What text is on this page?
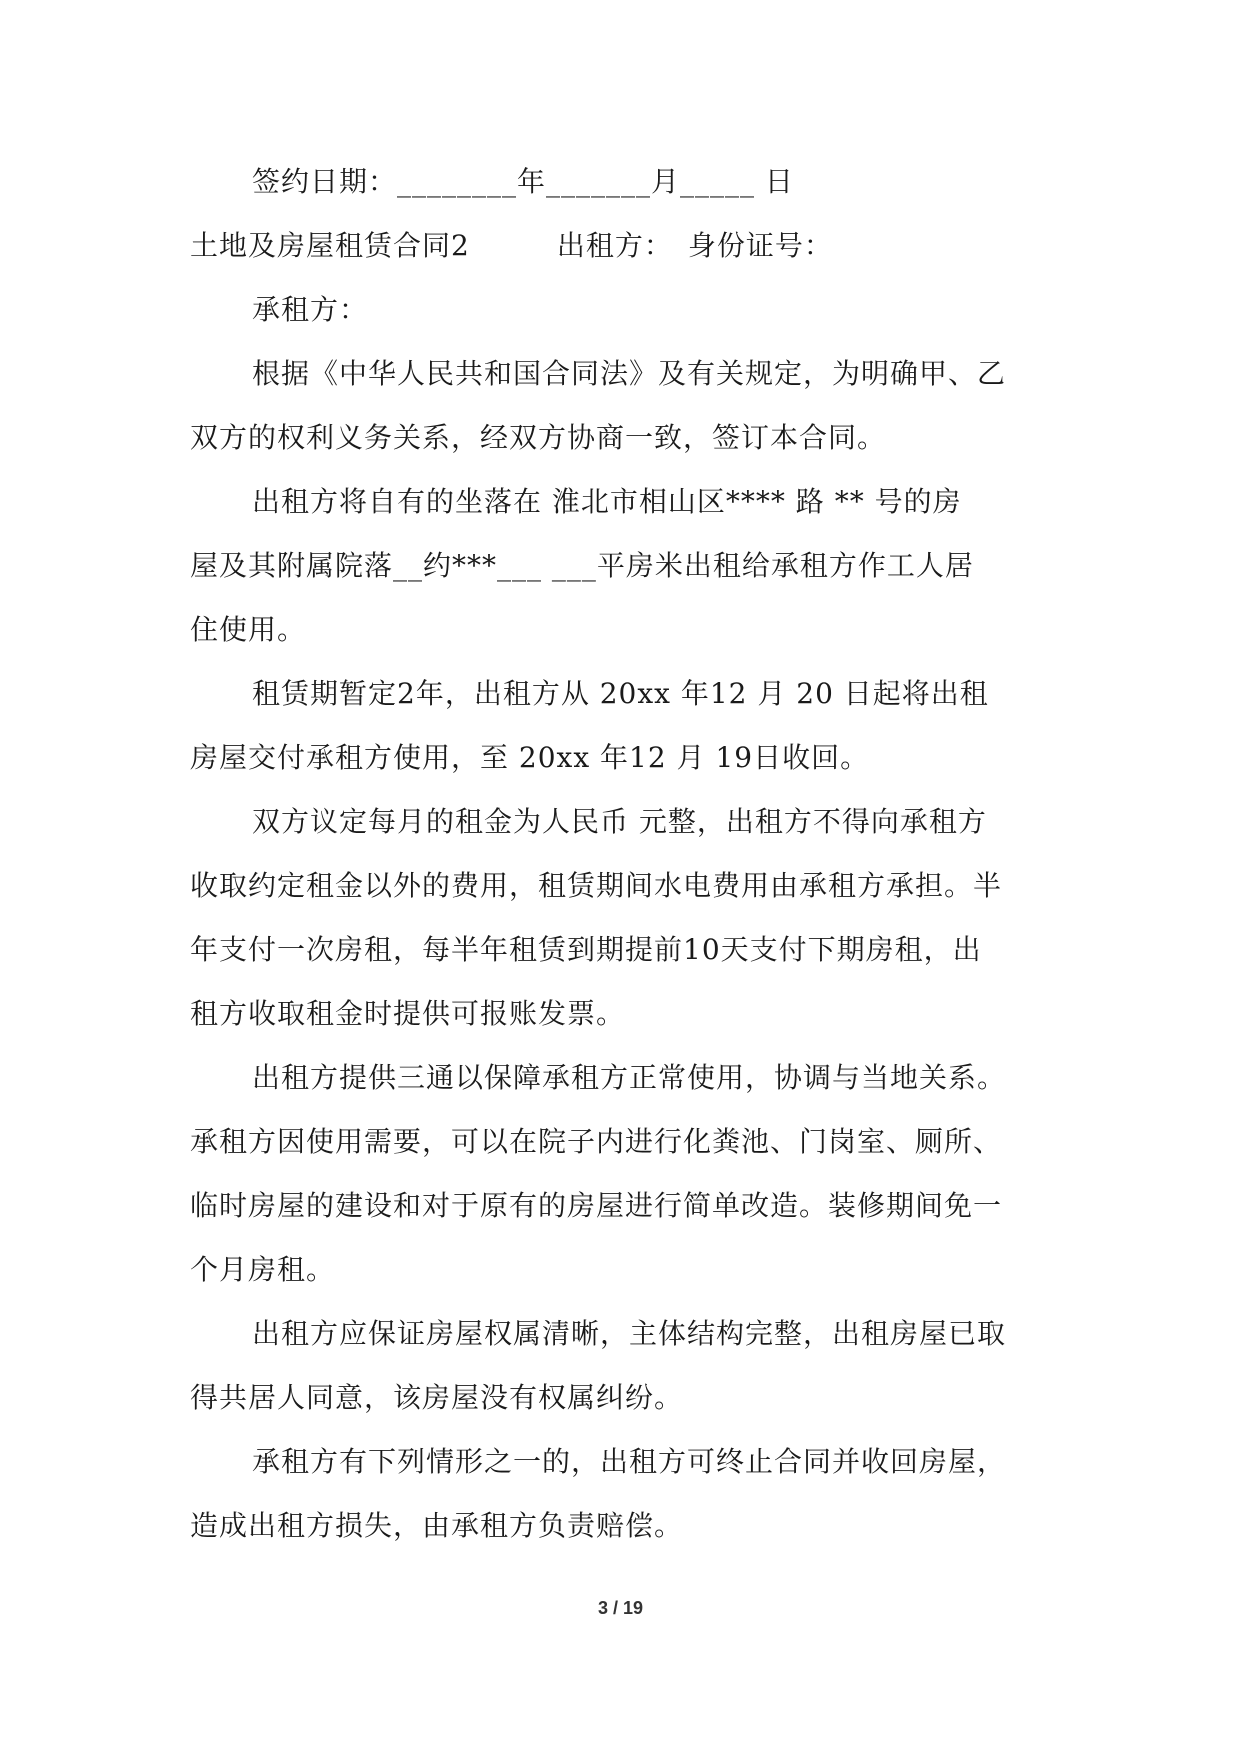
签约日期：________年_______月_____ 日
土地及房屋租赁合同2　　　出租方：　身份证号：
承租方：
根据《中华人民共和国合同法》及有关规定，为明确甲、乙
双方的权利义务关系，经双方协商一致，签订本合同。
出租方将自有的坐落在 淮北市相山区**** 路 ** 号的房
屋及其附属院落__约***___ ___平房米出租给承租方作工人居
住使用。
租赁期暂定2年，出租方从 20xx 年12 月 20 日起将出租
房屋交付承租方使用，至 20xx 年12 月 19日收回。
双方议定每月的租金为人民币 元整，出租方不得向承租方
收取约定租金以外的费用，租赁期间水电费用由承租方承担。半
年支付一次房租，每半年租赁到期提前10天支付下期房租，出
租方收取租金时提供可报账发票。
出租方提供三通以保障承租方正常使用，协调与当地关系。
承租方因使用需要，可以在院子内进行化粪池、门岗室、厕所、
临时房屋的建设和对于原有的房屋进行简单改造。装修期间免一
个月房租。
出租方应保证房屋权属清晰，主体结构完整，出租房屋已取
得共居人同意，该房屋没有权属纠纷。
承租方有下列情形之一的，出租方可终止合同并收回房屋，
造成出租方损失，由承租方负责赔偿。
3 / 19
